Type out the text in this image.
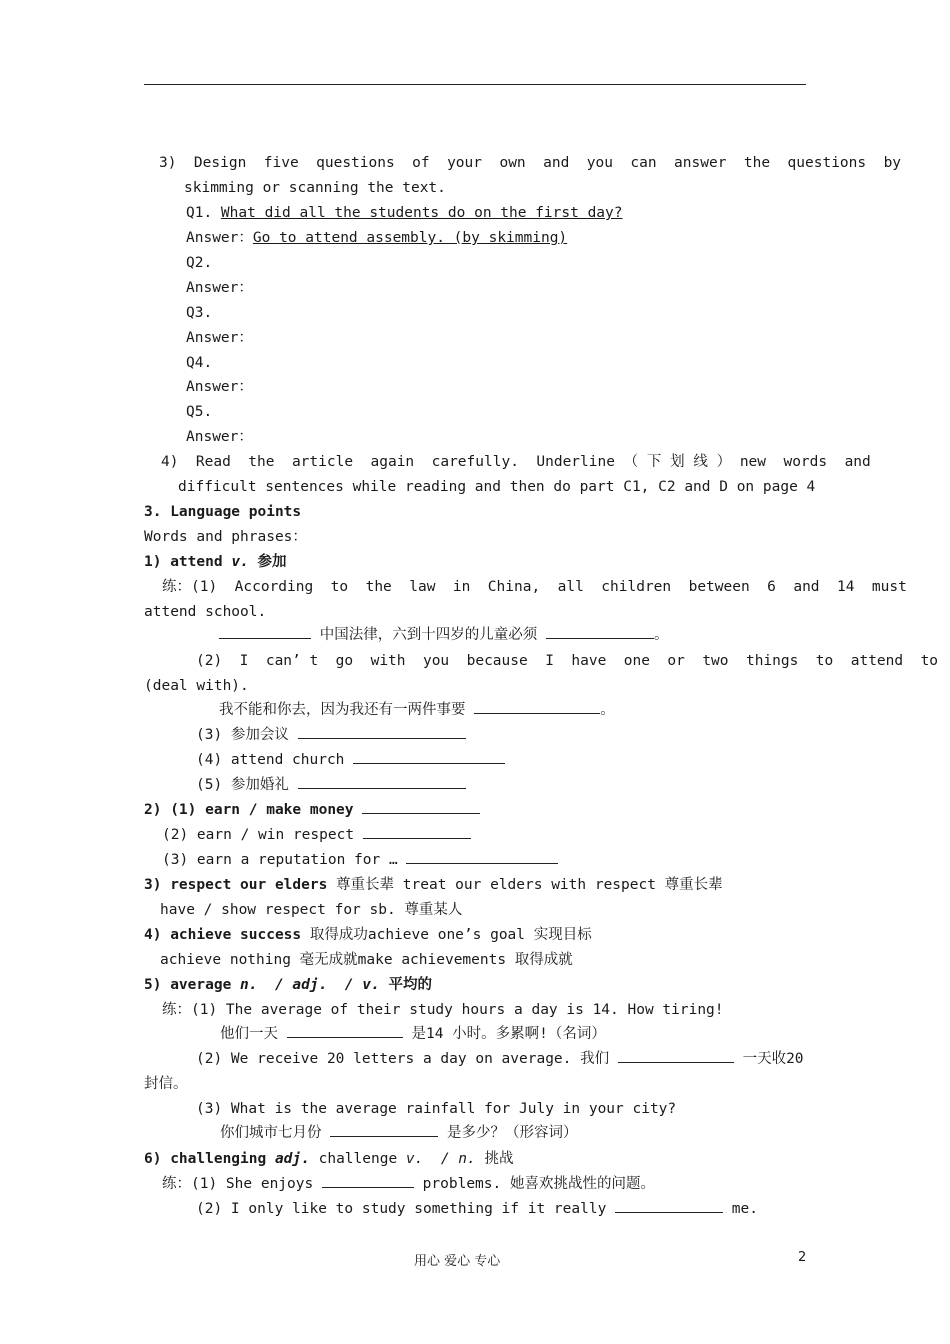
3)  Design  five  questions  of  your  own  and  you  can  answer  the  questions  by
skimming or scanning the text.
Q1. What did all the students do on the first day?
Answer：Go to attend assembly. (by skimming)
Q2.
Answer：
Q3.
Answer：
Q4.
Answer：
Q5.
Answer：
4)  Read  the  article  again  carefully.  Underline （ 下 划 线 ） new  words  and
difficult sentences while reading and then do part C1, C2 and D on page 4
3. Language points
Words and phrases：
1) attend v. 参加
练：(1)  According  to  the  law  in  China,  all  children  between  6  and  14  must
attend school.
中国法律，六到十四岁的儿童必须	。
(2)  I  can’ t  go  with  you  because  I  have  one  or  two  things  to  attend  to
(deal with).
我不能和你去，因为我还有一两件事要	。
(3) 参加会议
(4) attend church
(5) 参加婚礼
2) (1) earn / make money
(2) earn / win respect
(3) earn a reputation for …
3) respect our elders 尊重长辈 treat our elders with respect 尊重长辈
have / show respect for sb. 尊重某人
4) achieve success 取得成功achieve one’s goal 实现目标
achieve nothing 毫无成就make achievements 取得成就
5) average n.  / adj.  / v. 平均的
练：(1) The average of their study hours a day is 14. How tiring!
他们一天	是14 小时。多累啊!（名词）
(2) We receive 20 letters a day on average. 我们	一天收20
封信。
(3) What is the average rainfall for July in your city?
你们城市七月份	是多少？（形容词）
6) challenging adj. challenge v.  / n. 挑战
练：(1) She enjoys	problems. 她喜欢挑战性的问题。
(2) I only like to study something if it really	me.
用心 爱心 专心	2
